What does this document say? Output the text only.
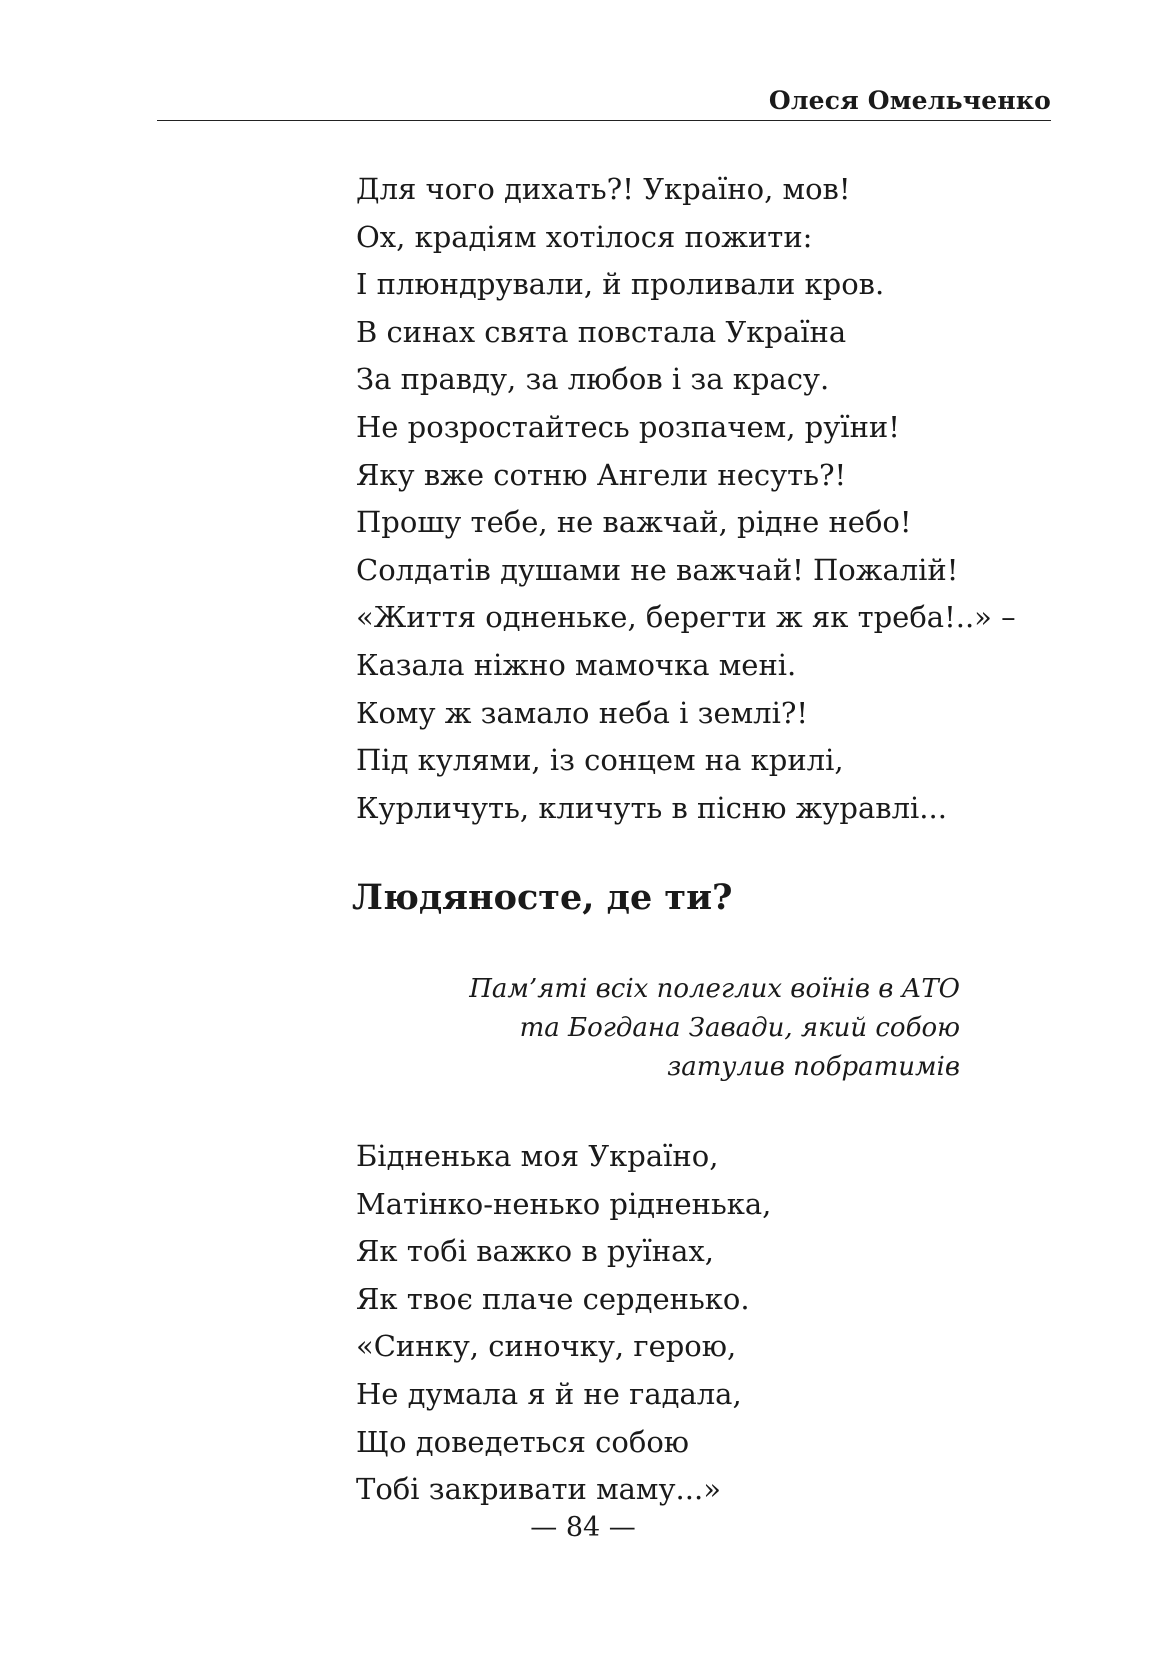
Олеся Омельченко
Для чого дихать?! Україно, мов!
Ох, крадіям хотілося пожити:
І плюндрували, й проливали кров.
В синах свята повстала Україна
За правду, за любов і за красу.
Не розростайтесь розпачем, руїни!
Яку вже сотню Ангели несуть?!
Прошу тебе, не важчай, рідне небо!
Солдатів душами не важчай! Пожалій!
«Життя одненьке, берегти ж як треба!..» –
Казала ніжно мамочка мені.
Кому ж замало неба і землі?!
Під кулями, із сонцем на крилі,
Курличуть, кличуть в пісню журавлі...
Людяносте, де ти?
Пам’яті всіх полеглих воїнів в АТО
та Богдана Завади, який собою
затулив побратимів
Бідненька моя Україно,
Матінко-ненько рідненька,
Як тобі важко в руїнах,
Як твоє плаче серденько.
«Синку, синочку, герою,
Не думала я й не гадала,
Що доведеться собою
Тобі закривати маму...»
— 84 —
